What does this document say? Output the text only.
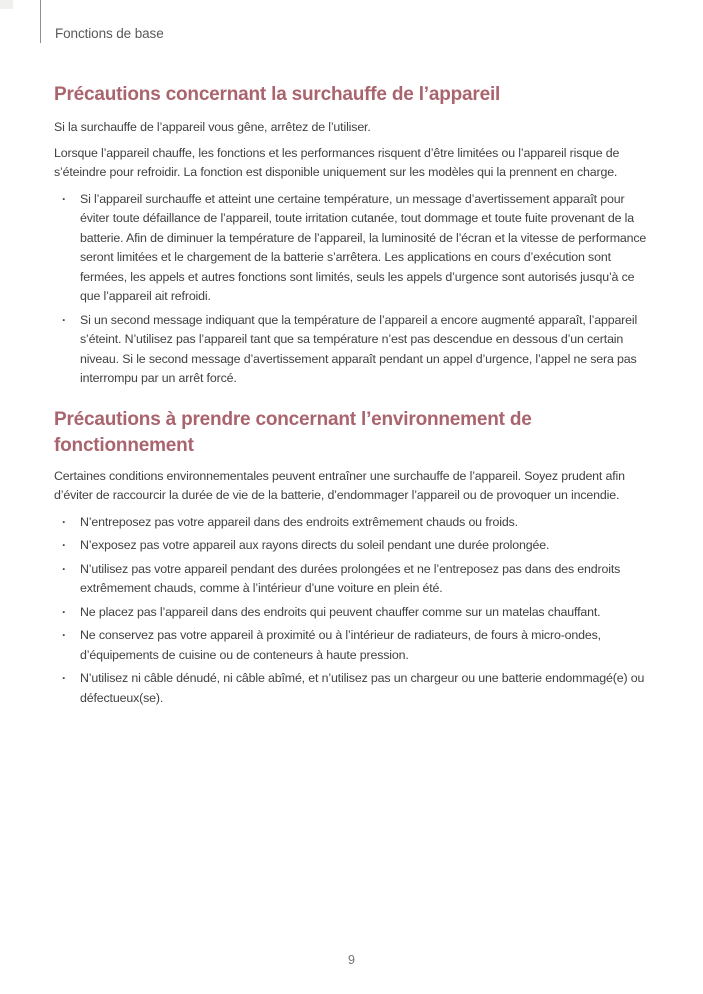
Fonctions de base
Précautions concernant la surchauffe de l’appareil

Si la surchauffe de l’appareil vous gêne, arrêtez de l’utiliser.

Lorsque l’appareil chauffe, les fonctions et les performances risquent d’être limitées ou l’appareil risque de s’éteindre pour refroidir. La fonction est disponible uniquement sur les modèles qui la prennent en charge.

· Si l’appareil surchauffe et atteint une certaine température, un message d’avertissement apparaît pour éviter toute défaillance de l’appareil, toute irritation cutanée, tout dommage et toute fuite provenant de la batterie. Afin de diminuer la température de l’appareil, la luminosité de l’écran et la vitesse de performance seront limitées et le chargement de la batterie s’arrêtera. Les applications en cours d’exécution sont fermées, les appels et autres fonctions sont limités, seuls les appels d’urgence sont autorisés jusqu’à ce que l’appareil ait refroidi.
· Si un second message indiquant que la température de l’appareil a encore augmenté apparaît, l’appareil s’éteint. N’utilisez pas l’appareil tant que sa température n’est pas descendue en dessous d’un certain niveau. Si le second message d’avertissement apparaît pendant un appel d’urgence, l’appel ne sera pas interrompu par un arrêt forcé.
Précautions à prendre concernant l’environnement de fonctionnement

Certaines conditions environnementales peuvent entraîner une surchauffe de l’appareil. Soyez prudent afin d’éviter de raccourcir la durée de vie de la batterie, d’endommager l’appareil ou de provoquer un incendie.

· N’entreposez pas votre appareil dans des endroits extrêmement chauds ou froids.
· N’exposez pas votre appareil aux rayons directs du soleil pendant une durée prolongée.
· N’utilisez pas votre appareil pendant des durées prolongées et ne l’entreposez pas dans des endroits extrêmement chauds, comme à l’intérieur d’une voiture en plein été.
· Ne placez pas l’appareil dans des endroits qui peuvent chauffer comme sur un matelas chauffant.
· Ne conservez pas votre appareil à proximité ou à l’intérieur de radiateurs, de fours à micro-ondes, d’équipements de cuisine ou de conteneurs à haute pression.
· N’utilisez ni câble dénudé, ni câble abîmé, et n’utilisez pas un chargeur ou une batterie endommagé(e) ou défectueux(se).
9
